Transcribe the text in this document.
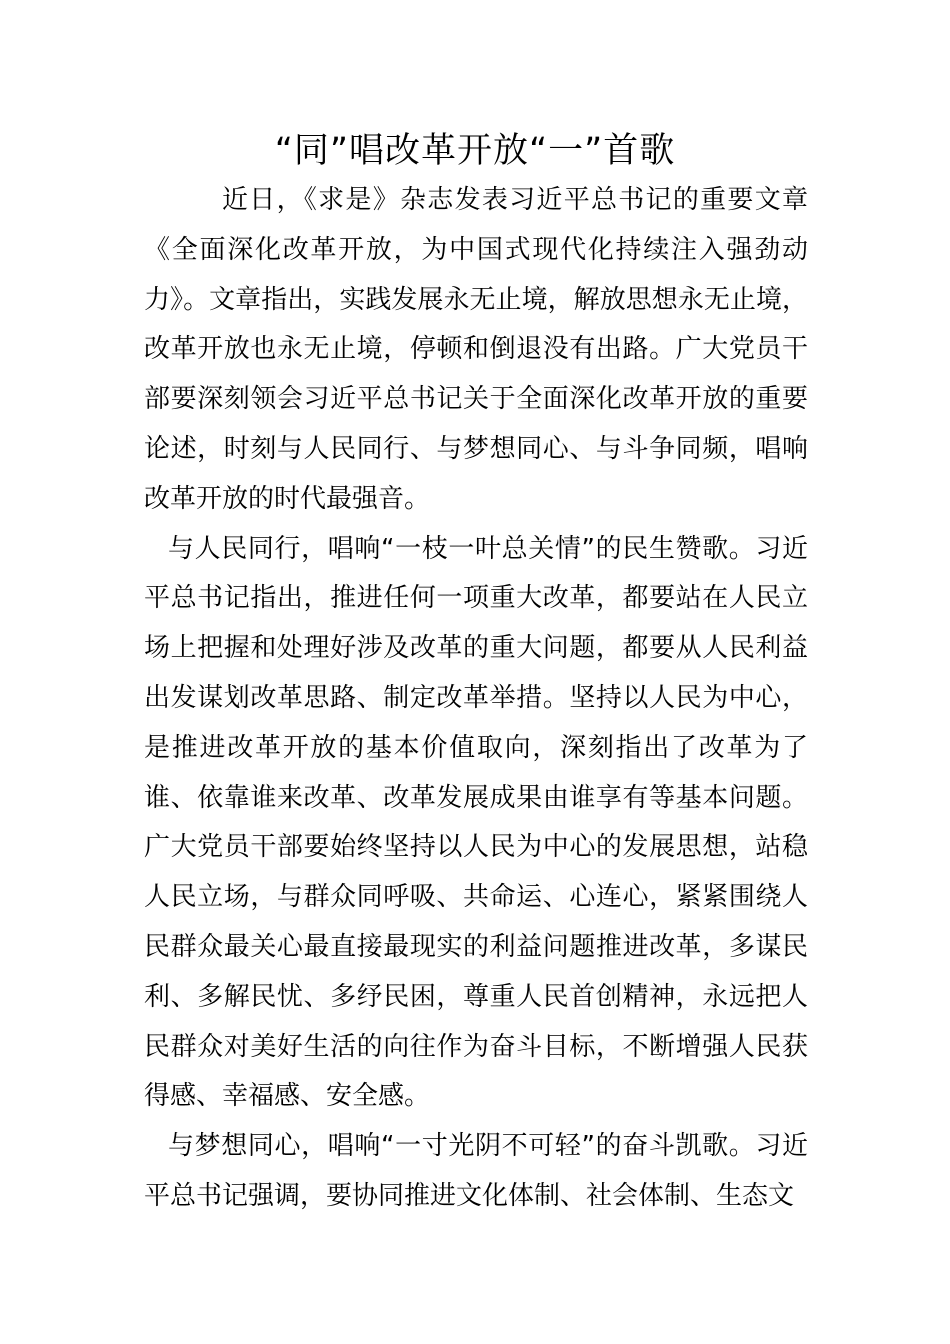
“同”唱改革开放“一”首歌

近日，《求是》杂志发表习近平总书记的重要文章《全面深化改革开放，为中国式现代化持续注入强劲动力》。文章指出，实践发展永无止境，解放思想永无止境，改革开放也永无止境，停顿和倒退没有出路。广大党员干部要深刻领会习近平总书记关于全面深化改革开放的重要论述，时刻与人民同行、与梦想同心、与斗争同频，唱响改革开放的时代最强音。

与人民同行，唱响“一枝一叶总关情”的民生赞歌。习近平总书记指出，推进任何一项重大改革，都要站在人民立场上把握和处理好涉及改革的重大问题，都要从人民利益出发谋划改革思路、制定改革举措。坚持以人民为中心，是推进改革开放的基本价值取向，深刻指出了改革为了谁、依靠谁来改革、改革发展成果由谁享有等基本问题。广大党员干部要始终坚持以人民为中心的发展思想，站稳人民立场，与群众同呼吸、共命运、心连心，紧紧围绕人民群众最关心最直接最现实的利益问题推进改革，多谋民利、多解民忧、多纾民困，尊重人民首创精神，永远把人民群众对美好生活的向往作为奋斗目标，不断增强人民获得感、幸福感、安全感。

与梦想同心，唱响“一寸光阴不可轻”的奋斗凯歌。习近平总书记强调，要协同推进文化体制、社会体制、生态文
